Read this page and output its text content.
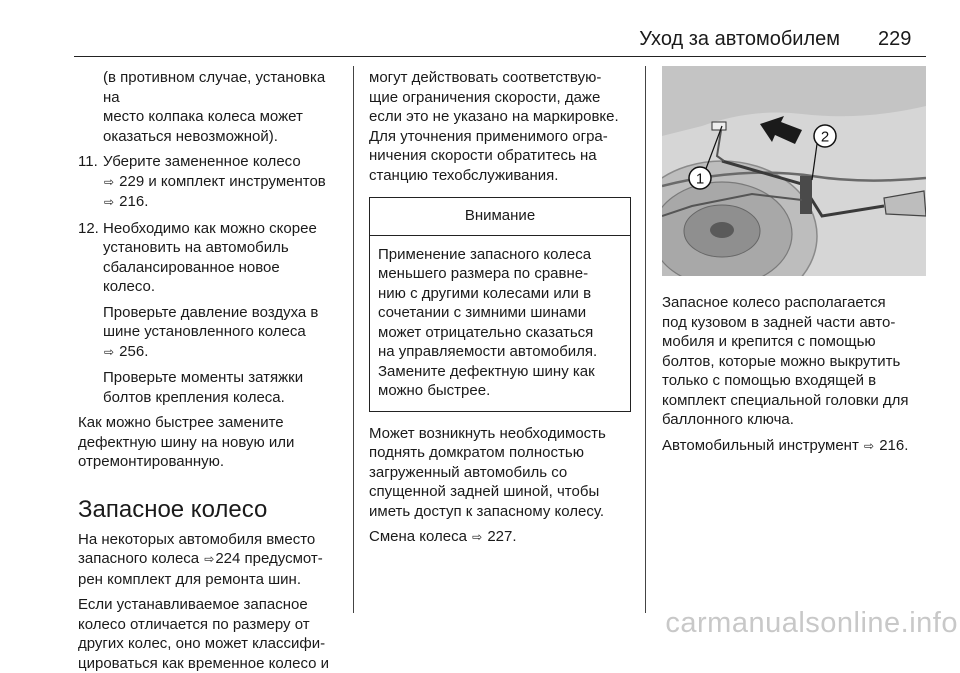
Уход за автомобилем 229

(в противном случае, установка на
место колпака колеса может
оказаться невозможной).

11. Уберите замененное колесо
⇨ 229 и комплект инструментов
⇨ 216.
12. Необходимо как можно скорее
установить на автомобиль
сбалансированное новое
колесо.

Проверьте давление воздуха в
шине установленного колеса
⇨ 256.

Проверьте моменты затяжки
болтов крепления колеса.

Как можно быстрее замените
дефектную шину на новую или
отремонтированную.

Запасное колесо

На некоторых автомобиля вместо
запасного колеса ⇨224 предусмот-
рен комплект для ремонта шин.

Если устанавливаемое запасное
колесо отличается по размеру от
других колес, оно может классифи-
цироваться как временное колесо и

могут действовать соответствую-
щие ограничения скорости, даже
если это не указано на маркировке.
Для уточнения применимого огра-
ничения скорости обратитесь на
станцию техобслуживания.

Внимание
Применение запасного колеса
меньшего размера по сравне-
нию с другими колесами или в
сочетании с зимними шинами
может отрицательно сказаться
на управляемости автомобиля.
Замените дефектную шину как
можно быстрее.

Может возникнуть необходимость
поднять домкратом полностью
загруженный автомобиль со
спущенной задней шиной, чтобы
иметь доступ к запасному колесу.

Смена колеса ⇨ 227.

1
2

Запасное колесо располагается
под кузовом в задней части авто-
мобиля и крепится с помощью
болтов, которые можно выкрутить
только с помощью входящей в
комплект специальной головки для
баллонного ключа.

Автомобильный инструмент ⇨ 216.

carmanualsonline.info
